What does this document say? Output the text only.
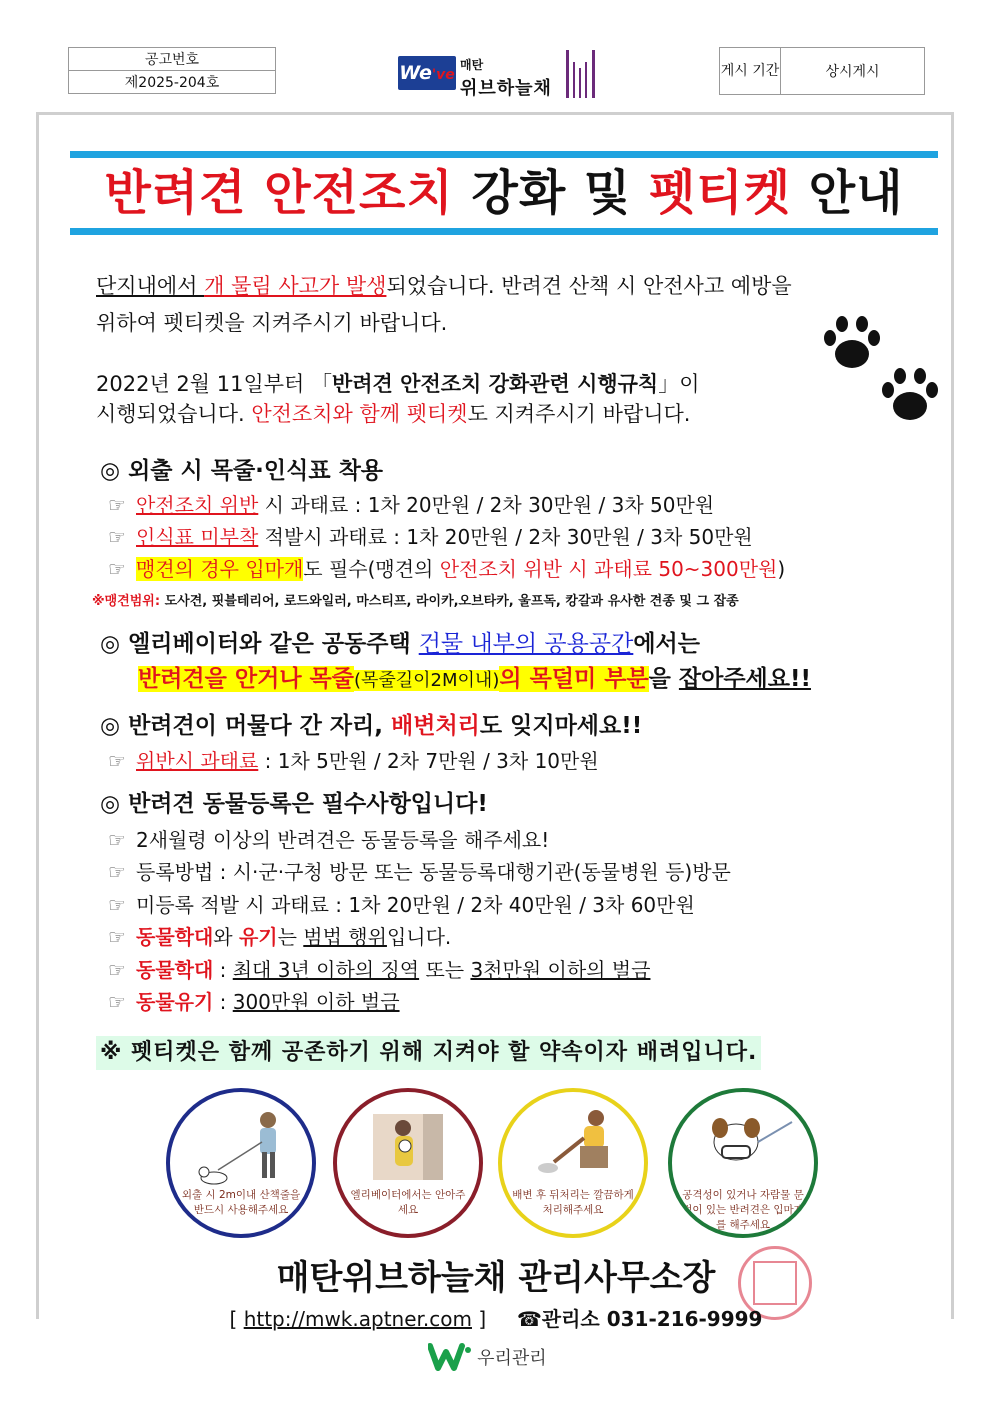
공고번호
제2025-204호	We've
매탄
위브하늘채
게시 기간	상시게시
반려견 안전조치 강화 및 펫티켓 안내
단지내에서 개 물림 사고가 발생되었습니다. 반려견 산책 시 안전사고 예방을
위하여 펫티켓을 지켜주시기 바랍니다.
2022년 2월 11일부터 「반려견 안전조치 강화관련 시행규칙」이
시행되었습니다. 안전조치와 함께 펫티켓도 지켜주시기 바랍니다.
◎ 외출 시 목줄·인식표 착용
☞ 안전조치 위반 시 과태료 : 1차 20만원 / 2차 30만원 / 3차 50만원
☞ 인식표 미부착 적발시 과태료 : 1차 20만원 / 2차 30만원 / 3차 50만원
☞ 맹견의 경우 입마개도 필수(맹견의 안전조치 위반 시 과태료 50~300만원)
※맹견범위: 도사견, 핏블테리어, 로드와일러, 마스티프, 라이카,오브타카, 울프독, 캉갈과 유사한 견종 및 그 잡종
◎ 엘리베이터와 같은 공동주택 건물 내부의 공용공간에서는
반려견을 안거나 목줄(목줄길이2M이내)의 목덜미 부분을 잡아주세요!!
◎ 반려견이 머물다 간 자리, 배변처리도 잊지마세요!!
☞ 위반시 과태료 : 1차 5만원 / 2차 7만원 / 3차 10만원
◎ 반려견 동물등록은 필수사항입니다!
☞ 2새월령 이상의 반려견은 동물등록을 해주세요!
☞ 등록방법 : 시·군·구청 방문 또는 동물등록대행기관(동물병원 등)방문
☞ 미등록 적발 시 과태료 : 1차 20만원 / 2차 40만원 / 3차 60만원
☞ 동물학대와 유기는 범법 행위입니다.
☞ 동물학대 : 최대 3년 이하의 징역 또는 3천만원 이하의 벌금
☞ 동물유기 : 300만원 이하 벌금
※ 펫티켓은 함께 공존하기 위해 지켜야 할 약속이자 배려입니다.
외출 시 2m이내 산책줄을 반드시 사용해주세요
엘리베이터에서는 안아주세요
배변 후 뒤처리는 깔끔하게 처리해주세요
공격성이 있거나 자람물 문 적이 있는 반려견은 입마개를 해주세요
매탄위브하늘채 관리사무소장
[ http://mwk.aptner.com ] ☎관리소 031-216-9999
우리관리
